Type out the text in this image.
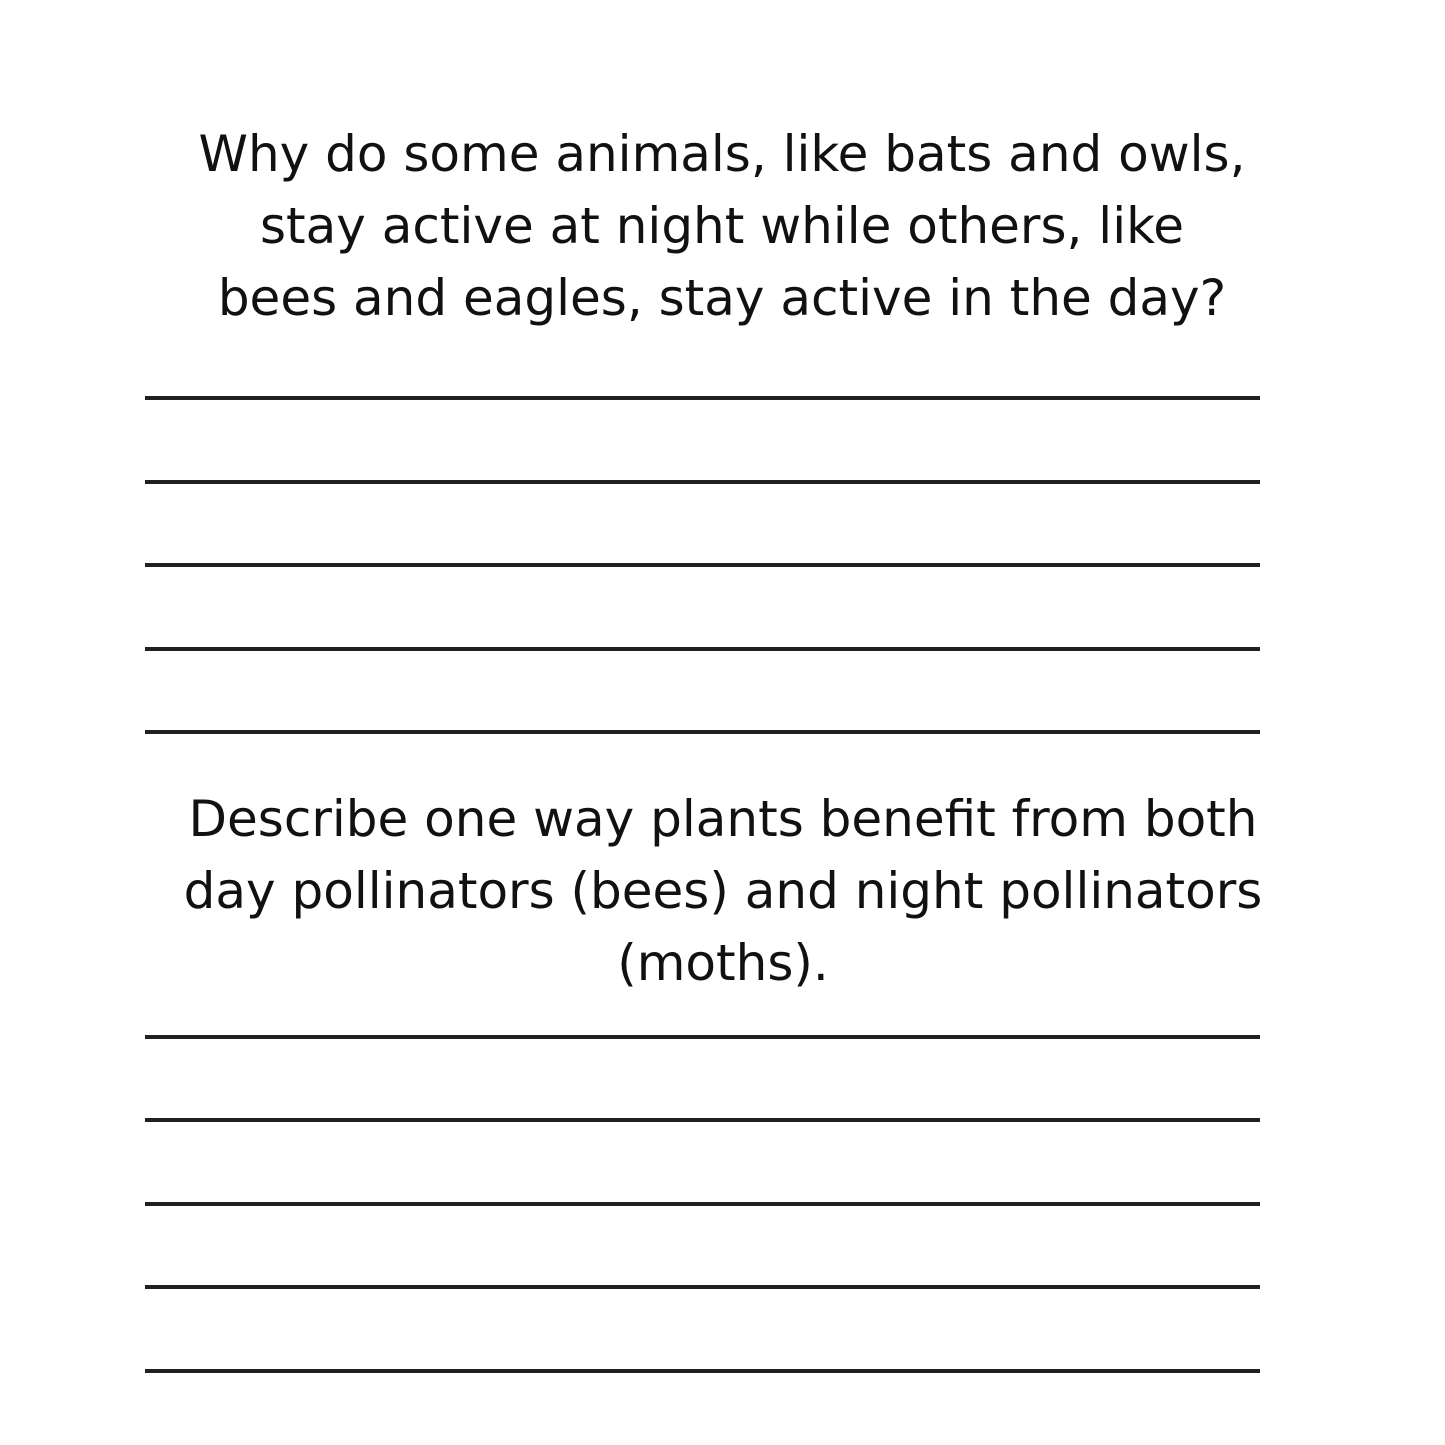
Why do some animals, like bats and owls, stay active at night while others, like bees and eagles, stay active in the day?
Describe one way plants benefit from both day pollinators (bees) and night pollinators (moths).
